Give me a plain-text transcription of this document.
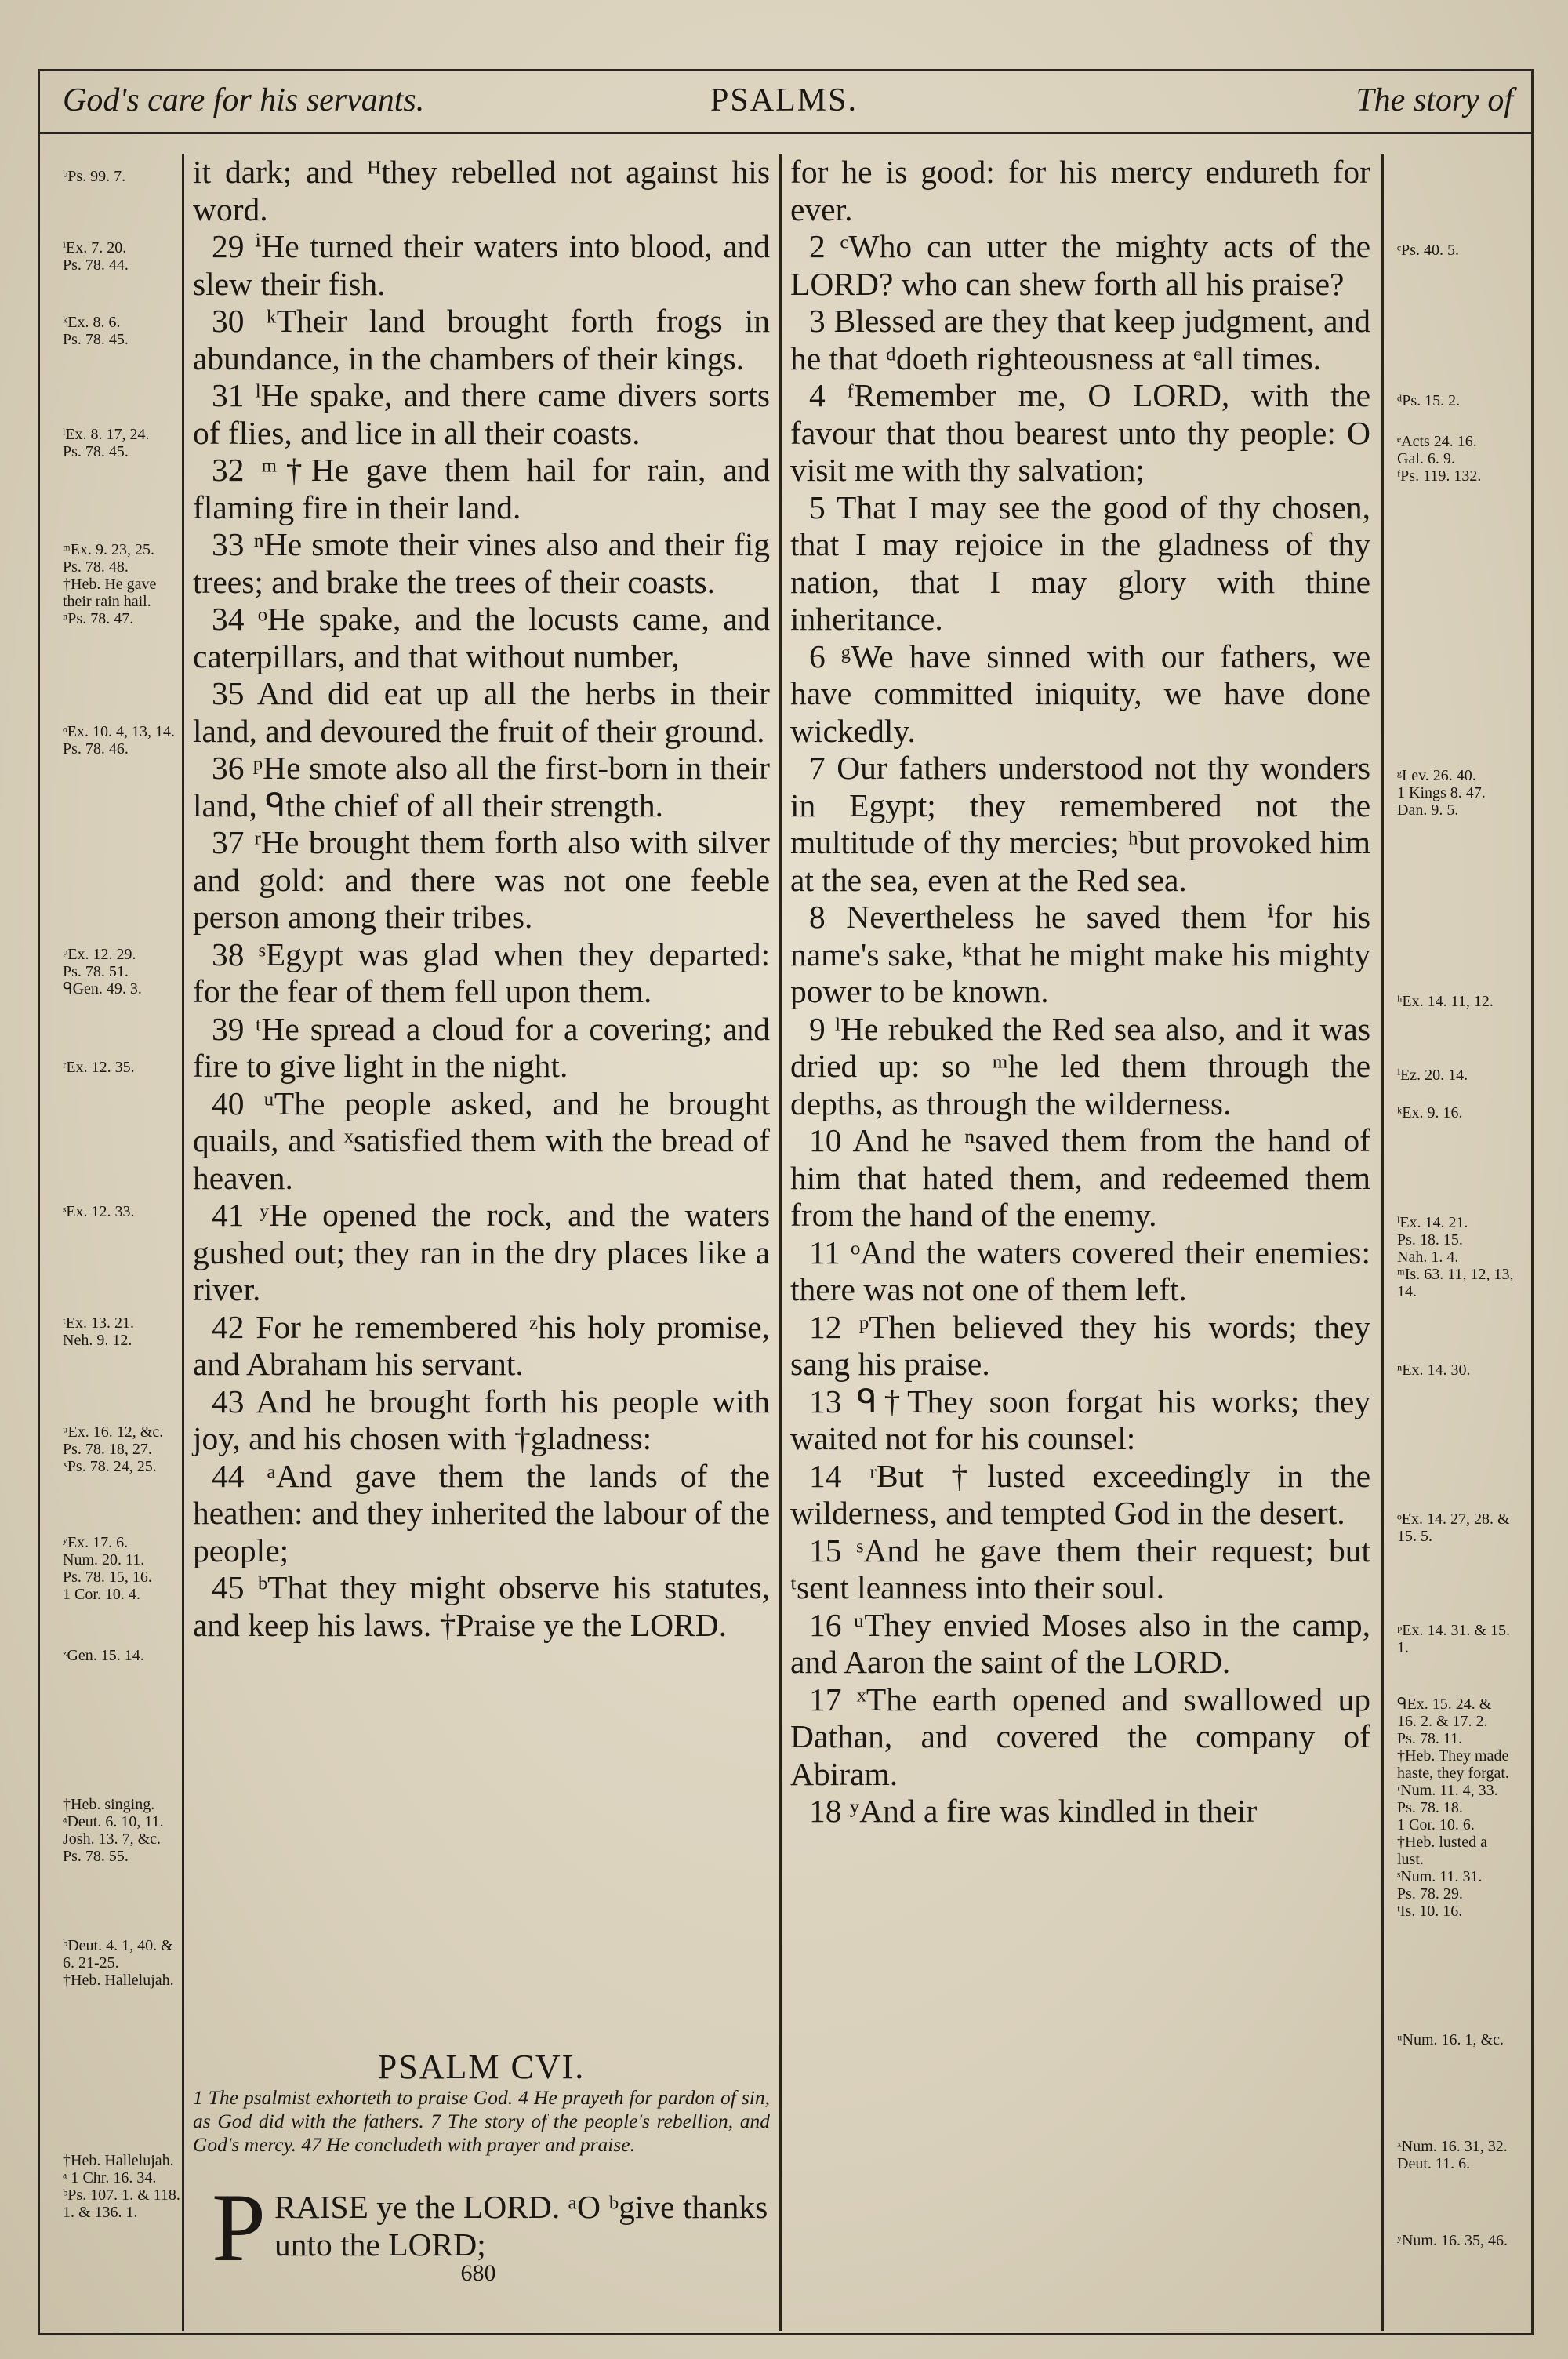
God's care for his servants.	PSALMS.	The story of

it dark; and ᴴthey rebelled not against his word.

29 ⁱHe turned their waters into blood, and slew their fish.

30 ᵏTheir land brought forth frogs in abundance, in the chambers of their kings.

31 ˡHe spake, and there came divers sorts of flies, and lice in all their coasts.

32 ᵐ†He gave them hail for rain, and flaming fire in their land.

33 ⁿHe smote their vines also and their fig trees; and brake the trees of their coasts.

34 ᵒHe spake, and the locusts came, and caterpillars, and that without number,

35 And did eat up all the herbs in their land, and devoured the fruit of their ground.

36 ᵖHe smote also all the first-born in their land, ᑫthe chief of all their strength.

37 ʳHe brought them forth also with silver and gold: and there was not one feeble person among their tribes.

38 ˢEgypt was glad when they departed: for the fear of them fell upon them.

39 ᵗHe spread a cloud for a covering; and fire to give light in the night.

40 ᵘThe people asked, and he brought quails, and ˣsatisfied them with the bread of heaven.

41 ʸHe opened the rock, and the waters gushed out; they ran in the dry places like a river.

42 For he remembered ᶻhis holy promise, and Abraham his servant.

43 And he brought forth his people with joy, and his chosen with †gladness:

44 ᵃAnd gave them the lands of the heathen: and they inherited the labour of the people;

45 ᵇThat they might observe his statutes, and keep his laws. †Praise ye the LORD.

PSALM CVI.
1 The psalmist exhorteth to praise God. 4 He prayeth for pardon of sin, as God did with the fathers. 7 The story of the people's rebellion, and God's mercy. 47 He concludeth with prayer and praise.
P RAISE ye the LORD. ᵃO ᵇgive thanks unto the LORD;
680

for he is good: for his mercy endureth for ever.

2 ᶜWho can utter the mighty acts of the LORD? who can shew forth all his praise?

3 Blessed are they that keep judgment, and he that ᵈdoeth righteousness at ᵉall times.

4 ᶠRemember me, O LORD, with the favour that thou bearest unto thy people: O visit me with thy salvation;

5 That I may see the good of thy chosen, that I may rejoice in the gladness of thy nation, that I may glory with thine inheritance.

6 ᵍWe have sinned with our fathers, we have committed iniquity, we have done wickedly.

7 Our fathers understood not thy wonders in Egypt; they remembered not the multitude of thy mercies; ʰbut provoked him at the sea, even at the Red sea.

8 Nevertheless he saved them ⁱfor his name's sake, ᵏthat he might make his mighty power to be known.

9 ˡHe rebuked the Red sea also, and it was dried up: so ᵐhe led them through the depths, as through the wilderness.

10 And he ⁿsaved them from the hand of him that hated them, and redeemed them from the hand of the enemy.

11 ᵒAnd the waters covered their enemies: there was not one of them left.

12 ᵖThen believed they his words; they sang his praise.

13 ᑫ†They soon forgat his works; they waited not for his counsel:

14 ʳBut †lusted exceedingly in the wilderness, and tempted God in the desert.

15 ˢAnd he gave them their request; but ᵗsent leanness into their soul.

16 ᵘThey envied Moses also in the camp, and Aaron the saint of the LORD.

17 ˣThe earth opened and swallowed up Dathan, and covered the company of Abiram.

18 ʸAnd a fire was kindled in their

ᵇPs. 99. 7.
ⁱEx. 7. 20.
Ps. 78. 44.
ᵏEx. 8. 6.
Ps. 78. 45.
ˡEx. 8. 17, 24.
Ps. 78. 45.
ᵐEx. 9. 23, 25.
Ps. 78. 48.
†Heb. He gave their rain hail.
ⁿPs. 78. 47.
ᵒEx. 10. 4, 13, 14.
Ps. 78. 46.
ᵖEx. 12. 29.
Ps. 78. 51.
ᑫGen. 49. 3.
ʳEx. 12. 35.
ˢEx. 12. 33.
ᵗEx. 13. 21.
Neh. 9. 12.
ᵘEx. 16. 12, &c.
Ps. 78. 18, 27.
ˣPs. 78. 24, 25.
ʸEx. 17. 6.
Num. 20. 11.
Ps. 78. 15, 16.
1 Cor. 10. 4.
ᶻGen. 15. 14.
†Heb. singing.
ᵃDeut. 6. 10, 11.
Josh. 13. 7, &c.
Ps. 78. 55.
ᵇDeut. 4. 1, 40. & 6. 21-25.
†Heb. Hallelujah.
†Heb. Hallelujah.
ᵃ 1 Chr. 16. 34.
ᵇPs. 107. 1. & 118. 1. & 136. 1.
ᶜPs. 40. 5.
ᵈPs. 15. 2.
ᵉActs 24. 16.
Gal. 6. 9.
ᶠPs. 119. 132.
ᵍLev. 26. 40.
1 Kings 8. 47.
Dan. 9. 5.
ʰEx. 14. 11, 12.
ⁱEz. 20. 14.
ᵏEx. 9. 16.
ˡEx. 14. 21.
Ps. 18. 15.
Nah. 1. 4.
ᵐIs. 63. 11, 12, 13, 14.
ⁿEx. 14. 30.
ᵒEx. 14. 27, 28. & 15. 5.
ᵖEx. 14. 31. & 15. 1.
ᑫEx. 15. 24. & 16. 2. & 17. 2.
Ps. 78. 11.
†Heb. They made haste, they forgat.
ʳNum. 11. 4, 33.
Ps. 78. 18.
1 Cor. 10. 6.
†Heb. lusted a lust.
ˢNum. 11. 31.
Ps. 78. 29.
ᵗIs. 10. 16.
ᵘNum. 16. 1, &c.
ˣNum. 16. 31, 32.
Deut. 11. 6.
ʸNum. 16. 35, 46.
